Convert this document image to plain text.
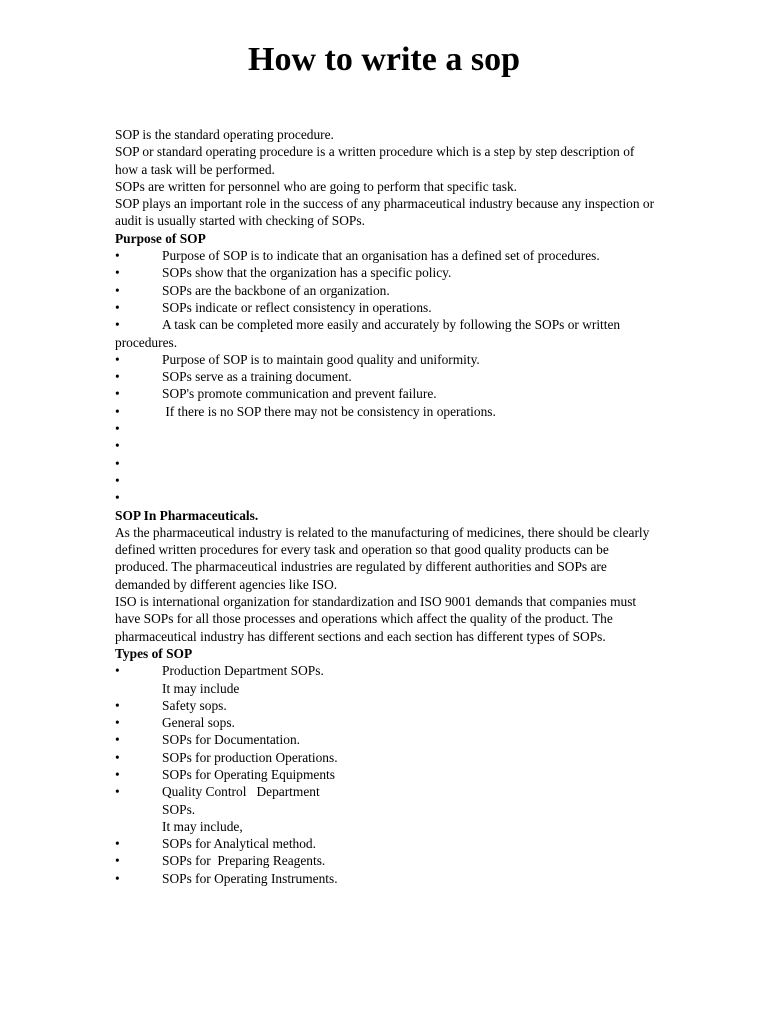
How to write a sop

SOP is the standard operating procedure.

SOP or standard operating procedure is a written procedure which is a step by step description of how a task will be performed.

SOPs are written for personnel who are going to perform that specific task.

SOP plays an important role in the success of any pharmaceutical industry because any inspection or audit is usually started with checking of SOPs.

Purpose of SOP

•	Purpose of SOP is to indicate that an organisation has a defined set of procedures.

•	SOPs show that the organization has a specific policy.

•	SOPs are the backbone of an organization.

•	SOPs indicate or reflect consistency in operations.

•	A task can be completed more easily and accurately by following the SOPs or written procedures.

•	Purpose of SOP is to maintain good quality and uniformity.

•	SOPs serve as a training document.

•	SOP's promote communication and prevent failure.

•	If there is no SOP there may not be consistency in operations.

•

•

•

•

•

SOP In Pharmaceuticals.

As the pharmaceutical industry is related to the manufacturing of medicines, there should be clearly defined written procedures for every task and operation so that good quality products can be produced. The pharmaceutical industries are regulated by different authorities and SOPs are demanded by different agencies like ISO.

ISO is international organization for standardization and ISO 9001 demands that companies must have SOPs for all those processes and operations which affect the quality of the product. The pharmaceutical industry has different sections and each section has different types of SOPs.

Types of SOP

•	Production Department SOPs.

It may include

•	Safety sops.

•	General sops.

•	SOPs for Documentation.

•	SOPs for production Operations.

•	SOPs for Operating Equipments

•	Quality Control   Department

SOPs.

It may include,

•	SOPs for Analytical method.

•	SOPs for  Preparing Reagents.

•	SOPs for Operating Instruments.
